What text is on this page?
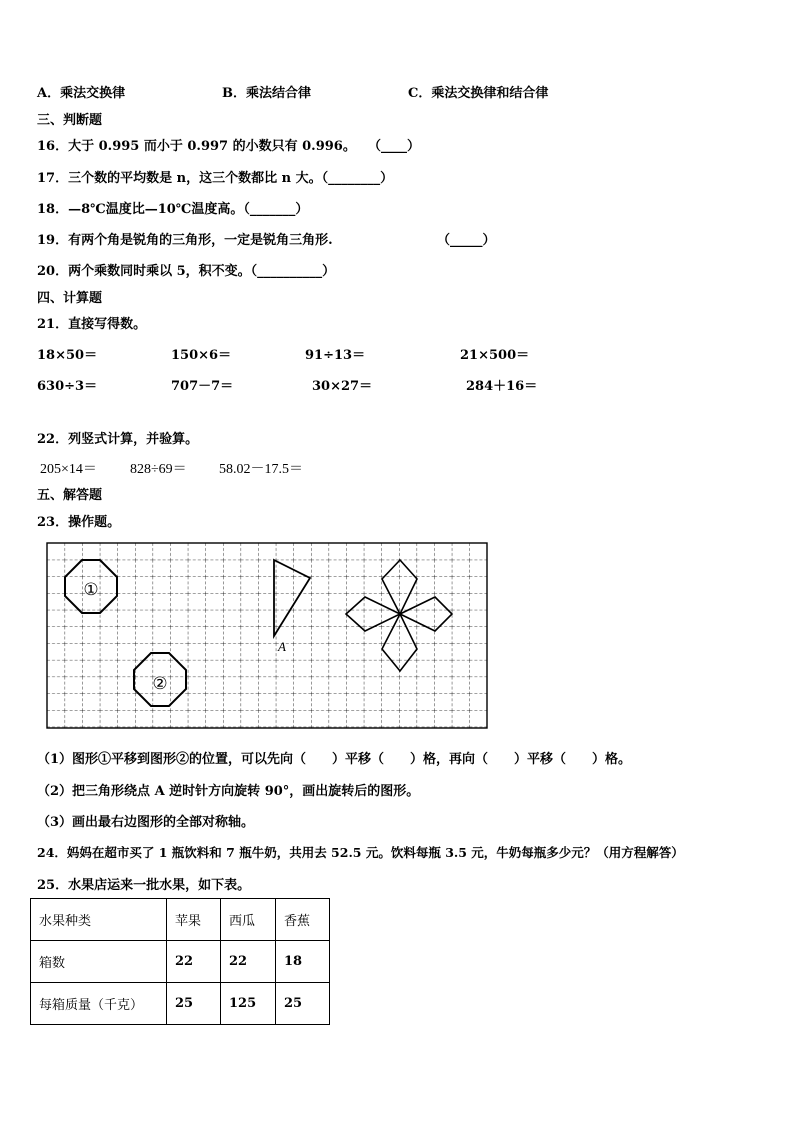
A．乘法交换律	B．乘法结合律	C．乘法交换律和结合律
三、判断题
16．大于 0.995 而小于 0.997 的小数只有 0.996。 （____）
17．三个数的平均数是 n，这三个数都比 n 大。（________）
18．—8℃温度比—10℃温度高。（_______）
19．有两个角是锐角的三角形，一定是锐角三角形.	（_____）
20．两个乘数同时乘以 5，积不变。（__________）
四、计算题
21．直接写得数。
18×50＝	150×6＝	91÷13＝	21×500＝
630÷3＝	707－7＝	30×27＝	284＋16＝
22．列竖式计算，并验算。
205×14＝ 828÷69＝ 58.02－17.5＝
五、解答题
23．操作题。
①
②
A
（1）图形①平移到图形②的位置，可以先向（　　）平移（　　）格，再向（　　）平移（　　）格。
（2）把三角形绕点 A 逆时针方向旋转 90°，画出旋转后的图形。
（3）画出最右边图形的全部对称轴。
24．妈妈在超市买了 1 瓶饮料和 7 瓶牛奶，共用去 52.5 元。饮料每瓶 3.5 元，牛奶每瓶多少元？（用方程解答）
25．水果店运来一批水果，如下表。
水果种类	苹果	西瓜	香蕉
箱数	22	22	18
每箱质量（千克）	25	125	25
